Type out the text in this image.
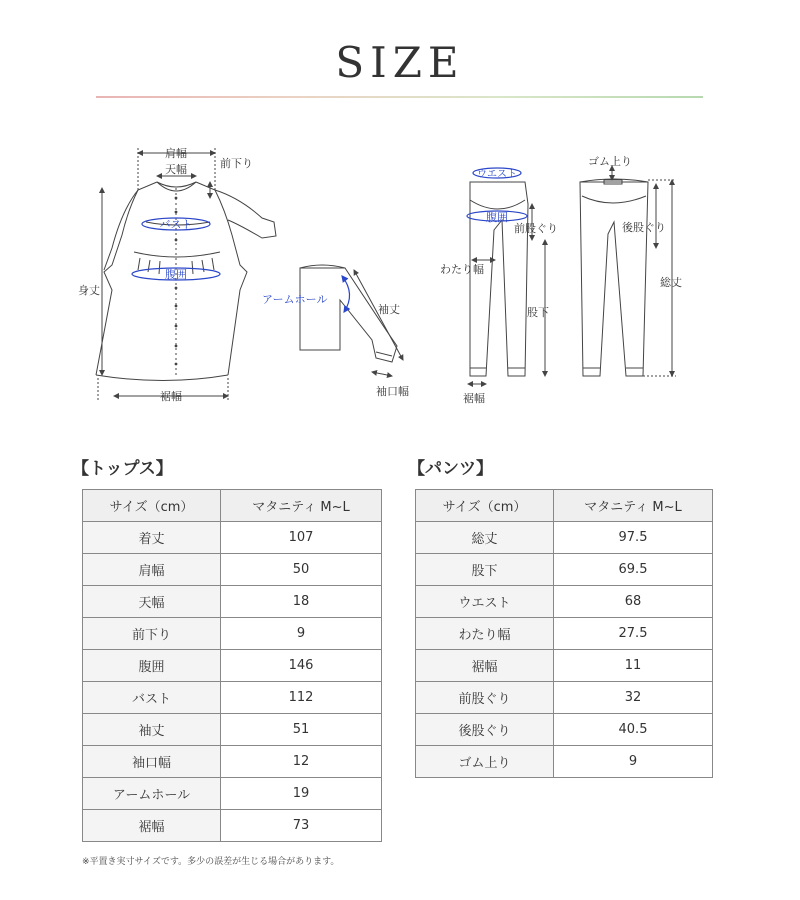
SIZE
肩幅
天幅	前下り
バスト
腹囲
身丈
裾幅
アームホール
袖丈
袖口幅
ウエスト
腹囲
前股ぐり
わたり幅
股下
裾幅
ゴム上り
後股ぐり
総丈
【トップス】
サイズ（cm）	マタニティ M~L
着丈	107
肩幅	50
天幅	18
前下り	9
腹囲	146
バスト	112
袖丈	51
袖口幅	12
アームホール	19
裾幅	73
【パンツ】
サイズ（cm）	マタニティ M~L
総丈	97.5
股下	69.5
ウエスト	68
わたり幅	27.5
裾幅	11
前股ぐり	32
後股ぐり	40.5
ゴム上り	9
※平置き実寸サイズです。多少の誤差が生じる場合があります。
